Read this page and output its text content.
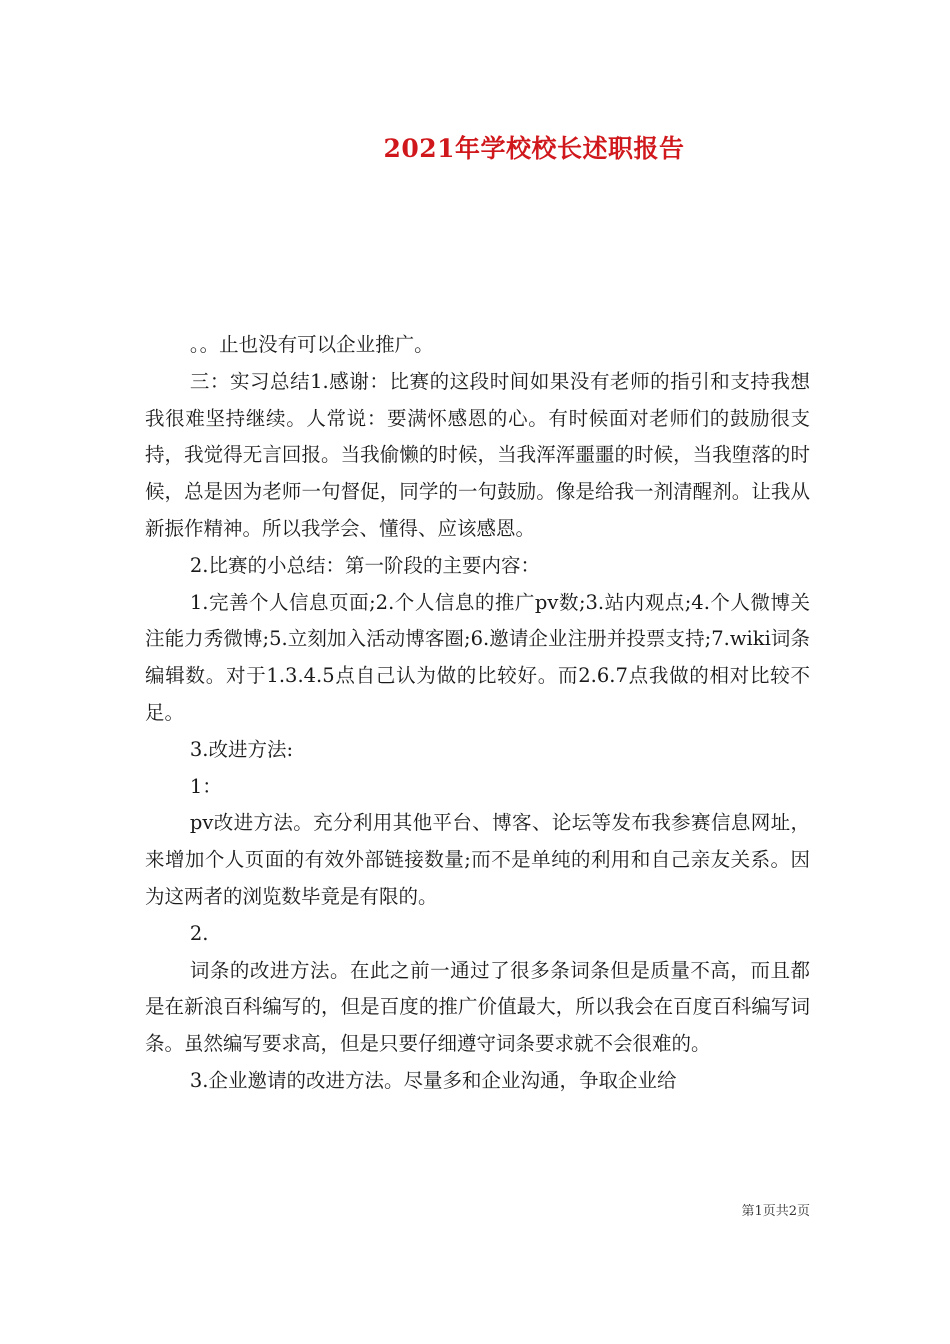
2021年学校校长述职报告

。。止也没有可以企业推广。

三：实习总结1.感谢：比赛的这段时间如果没有老师的指引和支持我想我很难坚持继续。人常说：要满怀感恩的心。有时候面对老师们的鼓励很支持，我觉得无言回报。当我偷懒的时候，当我浑浑噩噩的时候，当我堕落的时候，总是因为老师一句督促，同学的一句鼓励。像是给我一剂清醒剂。让我从新振作精神。所以我学会、懂得、应该感恩。

2.比赛的小总结：第一阶段的主要内容：

1.完善个人信息页面;2.个人信息的推广pv数;3.站内观点;4.个人微博关注能力秀微博;5.立刻加入活动博客圈;6.邀请企业注册并投票支持;7.wiki词条编辑数。对于1.3.4.5点自己认为做的比较好。而2.6.7点我做的相对比较不足。

3.改进方法:

1：

pv改进方法。充分利用其他平台、博客、论坛等发布我参赛信息网址，来增加个人页面的有效外部链接数量;而不是单纯的利用和自己亲友关系。因为这两者的浏览数毕竟是有限的。

2.

词条的改进方法。在此之前一通过了很多条词条但是质量不高，而且都是在新浪百科编写的，但是百度的推广价值最大，所以我会在百度百科编写词条。虽然编写要求高，但是只要仔细遵守词条要求就不会很难的。

3.企业邀请的改进方法。尽量多和企业沟通，争取企业给

第1页共2页
